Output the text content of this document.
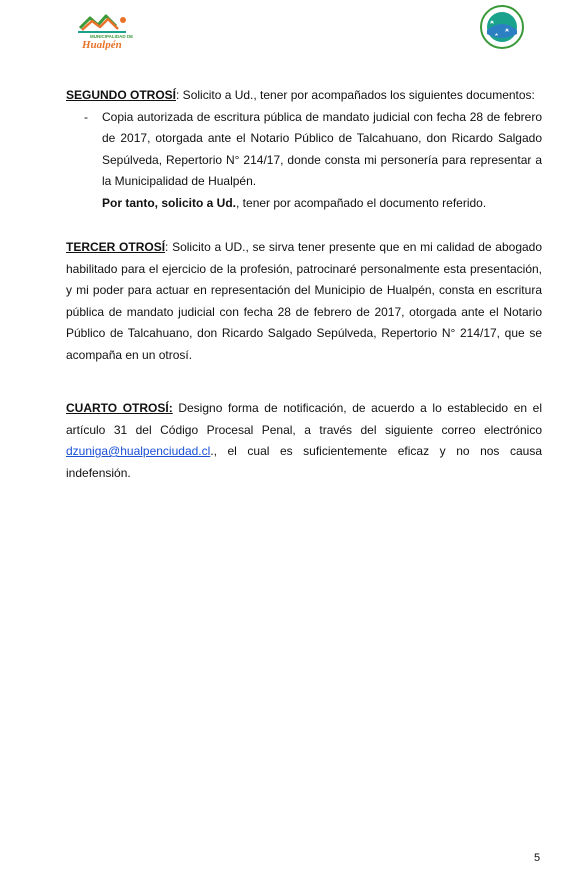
MUNICIPALIDAD DE
Hualpén
SEGUNDO OTROSÍ: Solicito a Ud., tener por acompañados los siguientes documentos:
- Copia autorizada de escritura pública de mandato judicial con fecha 28 de febrero de 2017, otorgada ante el Notario Público de Talcahuano, don Ricardo Salgado Sepúlveda, Repertorio N° 214/17, donde consta mi personería para representar a la Municipalidad de Hualpén.
Por tanto, solicito a Ud., tener por acompañado el documento referido.
TERCER OTROSÍ: Solicito a UD., se sirva tener presente que en mi calidad de abogado habilitado para el ejercicio de la profesión, patrocinaré personalmente esta presentación, y mi poder para actuar en representación del Municipio de Hualpén, consta en escritura pública de mandato judicial con fecha 28 de febrero de 2017, otorgada ante el Notario Público de Talcahuano, don Ricardo Salgado Sepúlveda, Repertorio N° 214/17, que se acompaña en un otrosí.
CUARTO OTROSÍ: Designo forma de notificación, de acuerdo a lo establecido en el artículo 31 del Código Procesal Penal, a través del siguiente correo electrónico dzuniga@hualpenciudad.cl., el cual es suficientemente eficaz y no nos causa indefensión.
5
